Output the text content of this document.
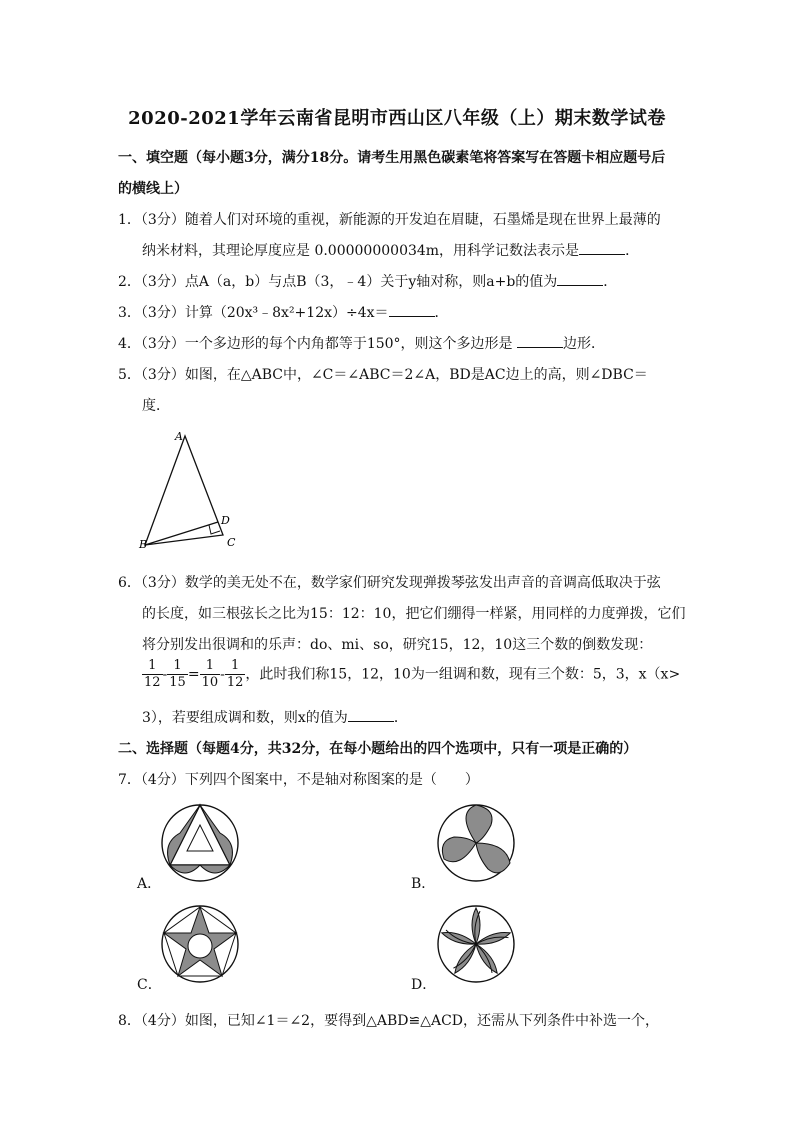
2020-2021学年云南省昆明市西山区八年级（上）期末数学试卷
一、填空题（每小题3分，满分18分。请考生用黑色碳素笔将答案写在答题卡相应题号后
的横线上）
1．（3分）随着人们对环境的重视，新能源的开发迫在眉睫，石墨烯是现在世界上最薄的
纳米材料，其理论厚度应是 0.00000000034m，用科学记数法表示是	．
2．（3分）点A（a，b）与点B（3，﹣4）关于y轴对称，则a+b的值为	．
3．（3分）计算（20x³﹣8x²+12x）÷4x＝	．
4．（3分）一个多边形的每个内角都等于150°，则这个多边形是	边形．
5．（3分）如图，在△ABC中，∠C＝∠ABC＝2∠A，BD是AC边上的高，则∠DBC＝
度．
A
B	C
D
6．（3分）数学的美无处不在，数学家们研究发现弹拨琴弦发出声音的音调高低取决于弦
的长度，如三根弦长之比为15：12：10，把它们绷得一样紧，用同样的力度弹拨，它们
将分别发出很调和的乐声：do、mi、so，研究15，12，10这三个数的倒数发现：
$\frac{1}{12} - \frac{1}{15} = \frac{1}{10} - \frac{1}{12}$ ，此时我们称15，12，10为一组调和数，现有三个数：5，3，x（x>
3），若要组成调和数，则x的值为	．
二、选择题（每题4分，共32分，在每小题给出的四个选项中，只有一项是正确的）
7．（4分）下列四个图案中，不是轴对称图案的是（　　）
A．	B．
C．	D．
8．（4分）如图，已知∠1＝∠2，要得到△ABD≌△ACD，还需从下列条件中补选一个，
